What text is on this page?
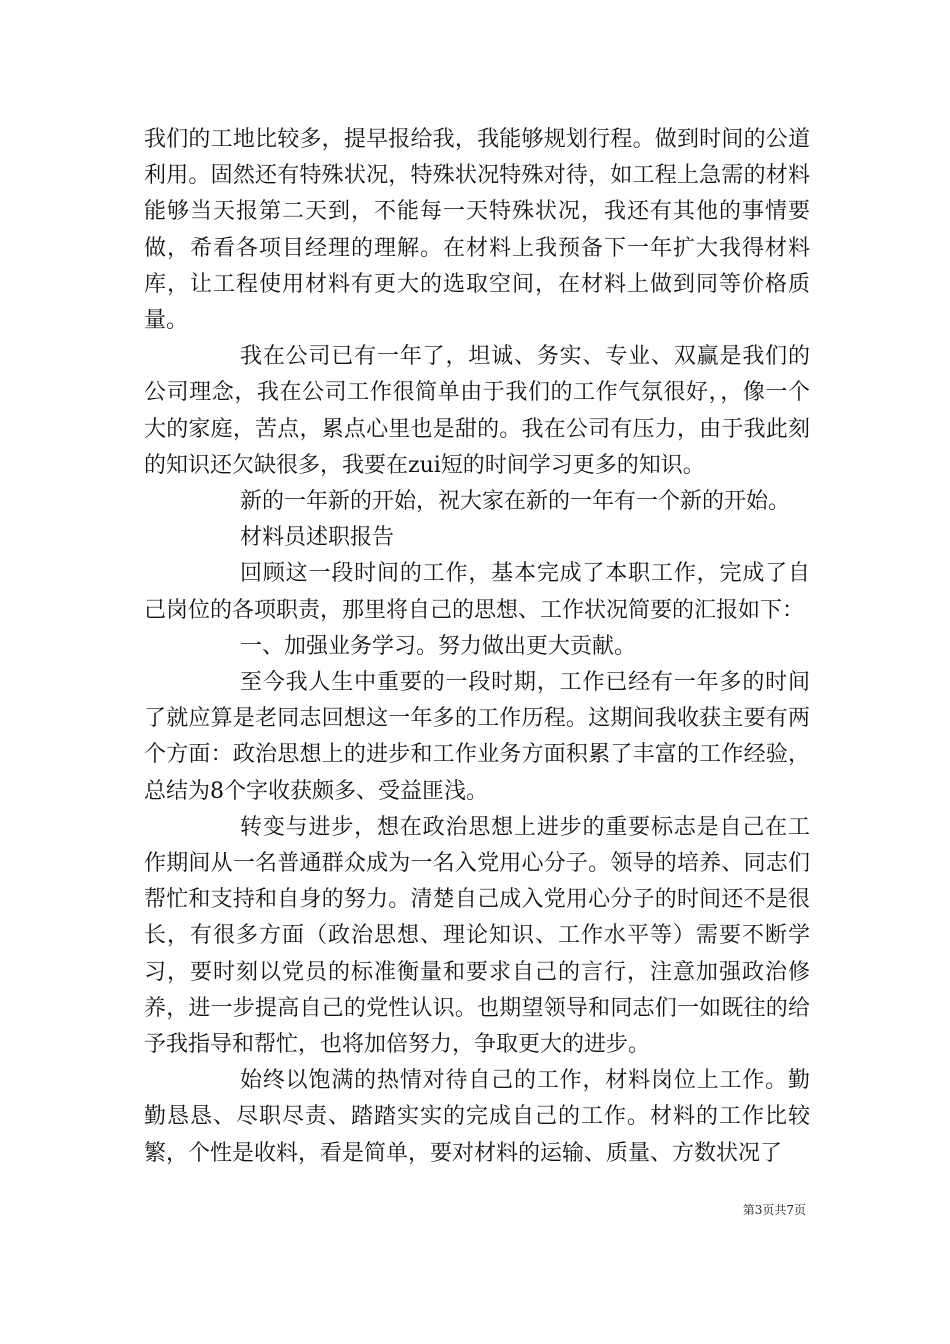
我们的工地比较多，提早报给我，我能够规划行程。做到时间的公道利用。固然还有特殊状况，特殊状况特殊对待，如工程上急需的材料能够当天报第二天到，不能每一天特殊状况，我还有其他的事情要做，希看各项目经理的理解。在材料上我预备下一年扩大我得材料库，让工程使用材料有更大的选取空间，在材料上做到同等价格质量。

我在公司已有一年了，坦诚、务实、专业、双赢是我们的公司理念，我在公司工作很简单由于我们的工作气氛很好，，像一个大的家庭，苦点，累点心里也是甜的。我在公司有压力，由于我此刻的知识还欠缺很多，我要在zui短的时间学习更多的知识。

新的一年新的开始，祝大家在新的一年有一个新的开始。

材料员述职报告

回顾这一段时间的工作，基本完成了本职工作，完成了自己岗位的各项职责，那里将自己的思想、工作状况简要的汇报如下：

一、加强业务学习。努力做出更大贡献。

至今我人生中重要的一段时期，工作已经有一年多的时间了就应算是老同志回想这一年多的工作历程。这期间我收获主要有两个方面：政治思想上的进步和工作业务方面积累了丰富的工作经验，总结为8个字收获颇多、受益匪浅。

转变与进步，想在政治思想上进步的重要标志是自己在工作期间从一名普通群众成为一名入党用心分子。领导的培养、同志们帮忙和支持和自身的努力。清楚自己成入党用心分子的时间还不是很长，有很多方面（政治思想、理论知识、工作水平等）需要不断学习，要时刻以党员的标准衡量和要求自己的言行，注意加强政治修养，进一步提高自己的党性认识。也期望领导和同志们一如既往的给予我指导和帮忙，也将加倍努力，争取更大的进步。

始终以饱满的热情对待自己的工作，材料岗位上工作。勤勤恳恳、尽职尽责、踏踏实实的完成自己的工作。材料的工作比较繁，个性是收料，看是简单，要对材料的运输、质量、方数状况了

第3页共7页
